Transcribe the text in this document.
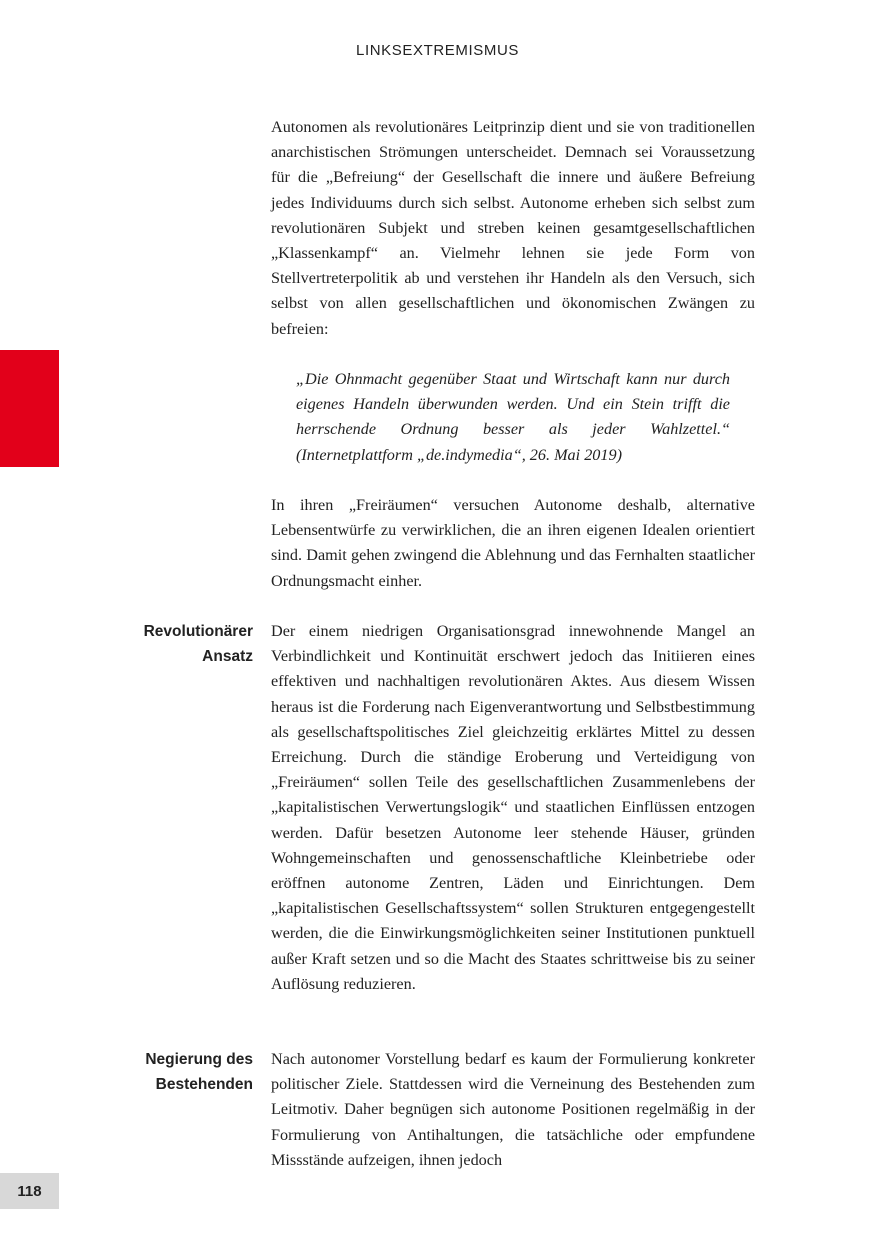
LINKSEXTREMISMUS

Autonomen als revolutionäres Leitprinzip dient und sie von traditionellen anarchistischen Strömungen unterscheidet. Demnach sei Voraussetzung für die „Befreiung“ der Gesellschaft die innere und äußere Befreiung jedes Individuums durch sich selbst. Autonome erheben sich selbst zum revolutionären Subjekt und streben keinen gesamtgesellschaftlichen „Klassenkampf“ an. Vielmehr lehnen sie jede Form von Stellvertreterpolitik ab und verstehen ihr Handeln als den Versuch, sich selbst von allen gesellschaftlichen und ökonomischen Zwängen zu befreien:

„Die Ohnmacht gegenüber Staat und Wirtschaft kann nur durch eigenes Handeln überwunden werden. Und ein Stein trifft die herrschende Ordnung besser als jeder Wahlzettel.“ (Internetplattform „de.indymedia“, 26. Mai 2019)

In ihren „Freiräumen“ versuchen Autonome deshalb, alternative Lebensentwürfe zu verwirklichen, die an ihren eigenen Idealen orientiert sind. Damit gehen zwingend die Ablehnung und das Fernhalten staatlicher Ordnungsmacht einher.

Revolutionärer
Ansatz

Der einem niedrigen Organisationsgrad innewohnende Mangel an Verbindlichkeit und Kontinuität erschwert jedoch das Initiieren eines effektiven und nachhaltigen revolutionären Aktes. Aus diesem Wissen heraus ist die Forderung nach Eigenverantwortung und Selbstbestimmung als gesellschaftspolitisches Ziel gleichzeitig erklärtes Mittel zu dessen Erreichung. Durch die ständige Eroberung und Verteidigung von „Freiräumen“ sollen Teile des gesellschaftlichen Zusammenlebens der „kapitalistischen Verwertungslogik“ und staatlichen Einflüssen entzogen werden. Dafür besetzen Autonome leer stehende Häuser, gründen Wohngemeinschaften und genossenschaftliche Kleinbetriebe oder eröffnen autonome Zentren, Läden und Einrichtungen. Dem „kapitalistischen Gesellschaftssystem“ sollen Strukturen entgegengestellt werden, die die Einwirkungsmöglichkeiten seiner Institutionen punktuell außer Kraft setzen und so die Macht des Staates schrittweise bis zu seiner Auflösung reduzieren.

Negierung des
Bestehenden

Nach autonomer Vorstellung bedarf es kaum der Formulierung konkreter politischer Ziele. Stattdessen wird die Verneinung des Bestehenden zum Leitmotiv. Daher begnügen sich autonome Positionen regelmäßig in der Formulierung von Antihaltungen, die tatsächliche oder empfundene Missstände aufzeigen, ihnen jedoch

118
